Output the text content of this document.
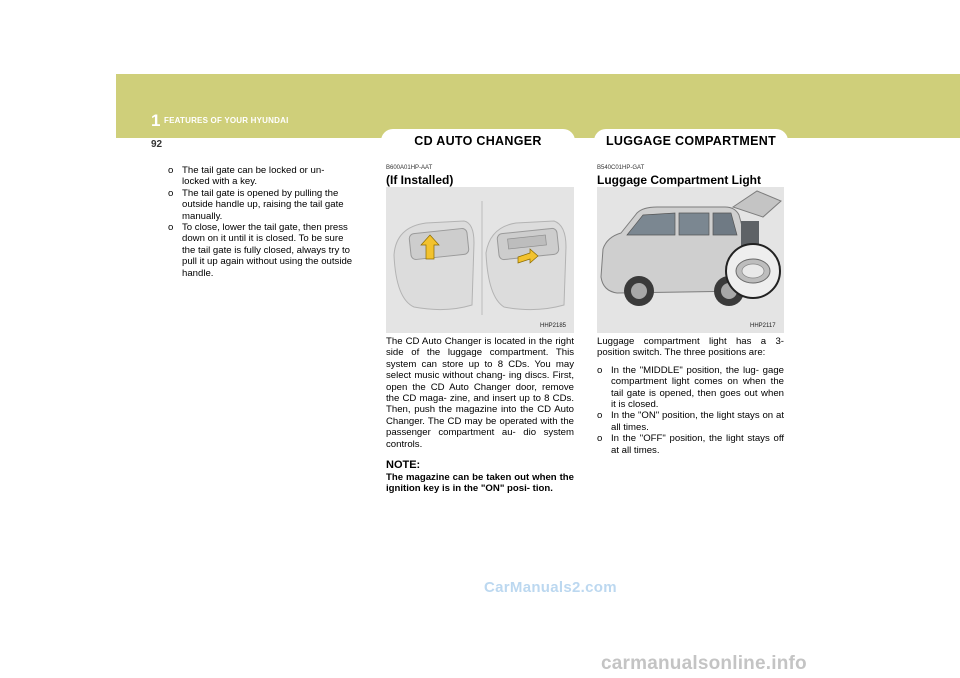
1 FEATURES OF YOUR HYUNDAI
92	CD AUTO CHANGER	LUGGAGE COMPARTMENT

o The tail gate can be locked or un- locked with a key.

o The tail gate is opened by pulling the outside handle up, raising the tail gate manually.

o To close, lower the tail gate, then press down on it until it is closed. To be sure the tail gate is fully closed, always try to pull it up again without using the outside handle.

B600A01HP-AAT
(If Installed)
HHP2185
The CD Auto Changer is located in the right side of the luggage compartment. This system can store up to 8 CDs. You may select music without chang- ing discs. First, open the CD Auto Changer door, remove the CD maga- zine, and insert up to 8 CDs. Then, push the magazine into the CD Auto Changer. The CD may be operated with the passenger compartment au- dio system controls.
NOTE:
The magazine can be taken out when the ignition key is in the "ON" posi- tion.
B540C01HP-GAT
Luggage Compartment Light
HHP2117
Luggage compartment light has a 3- position switch. The three positions are:

o In the "MIDDLE" position, the lug- gage compartment light comes on when the tail gate is opened, then goes out when it is closed.

o In the "ON" position, the light stays on at all times.

o In the "OFF" position, the light stays off at all times.

CarManuals2.com
carmanualsonline.info
